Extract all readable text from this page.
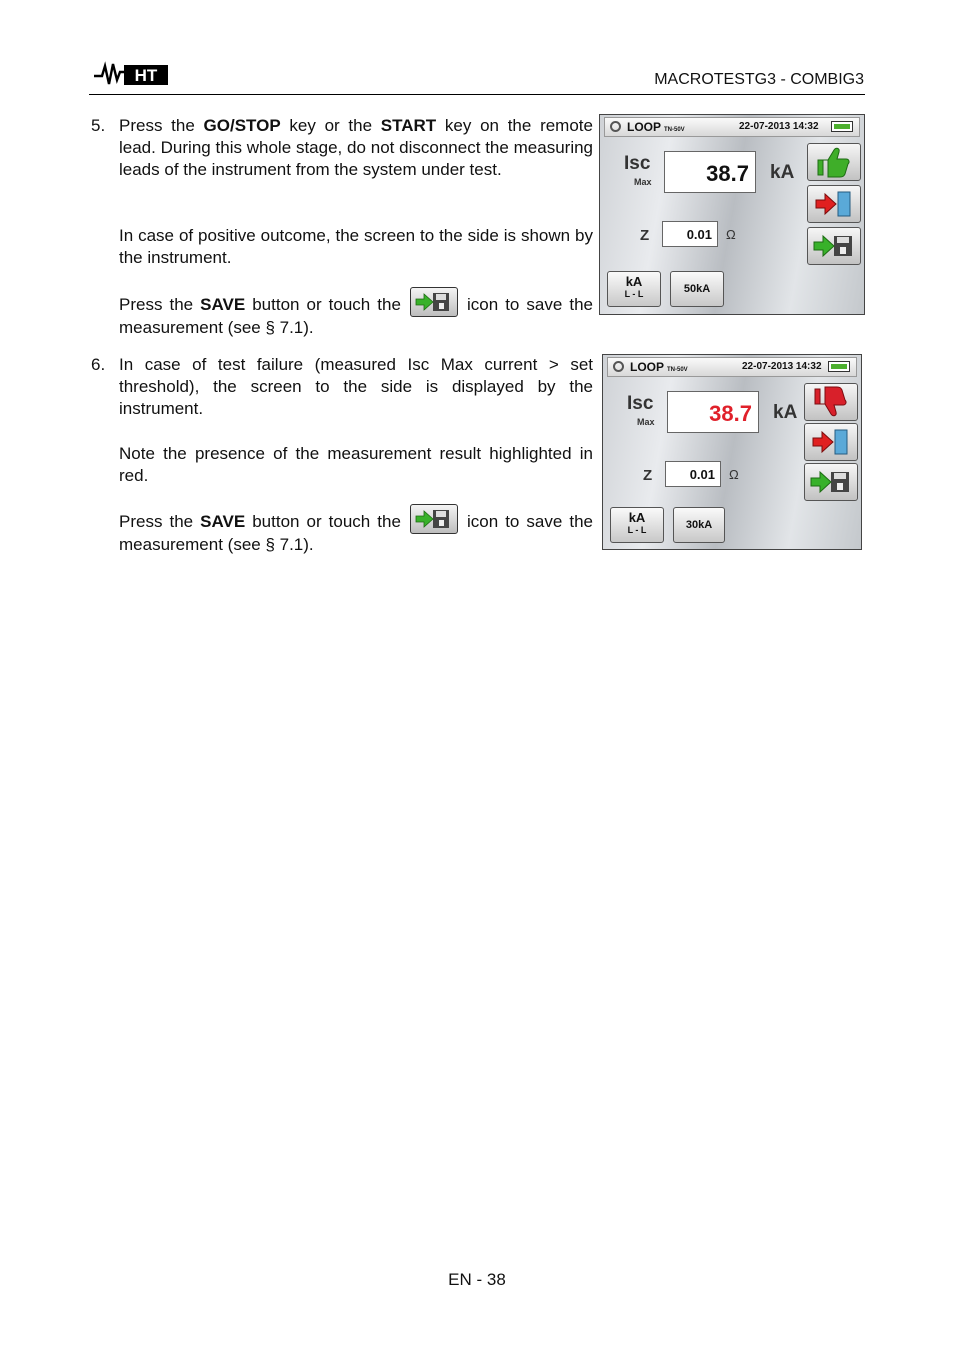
HT	MACROTESTG3 - COMBIG3
5. Press the GO/STOP key or the START key on the remote lead. During this whole stage, do not disconnect the measuring leads of the instrument from the system under test.

In case of positive outcome, the screen to the side is shown by the instrument.

Press the SAVE button or touch the	icon to save the measurement (see § 7.1).

LOOP TN-50V	22-07-2013 14:32
Isc
Max 38.7 kA
Z	0.01 Ω
kA
L - L	50kA
6. In case of test failure (measured Isc Max current > set threshold), the screen to the side is displayed by the instrument.

Note the presence of the measurement result highlighted in red.

Press the SAVE button or touch the	icon to save the measurement (see § 7.1).

LOOP TN-50V	22-07-2013 14:32
Isc
Max 38.7 kA
Z	0.01 Ω
kA
L - L	30kA
EN - 38
